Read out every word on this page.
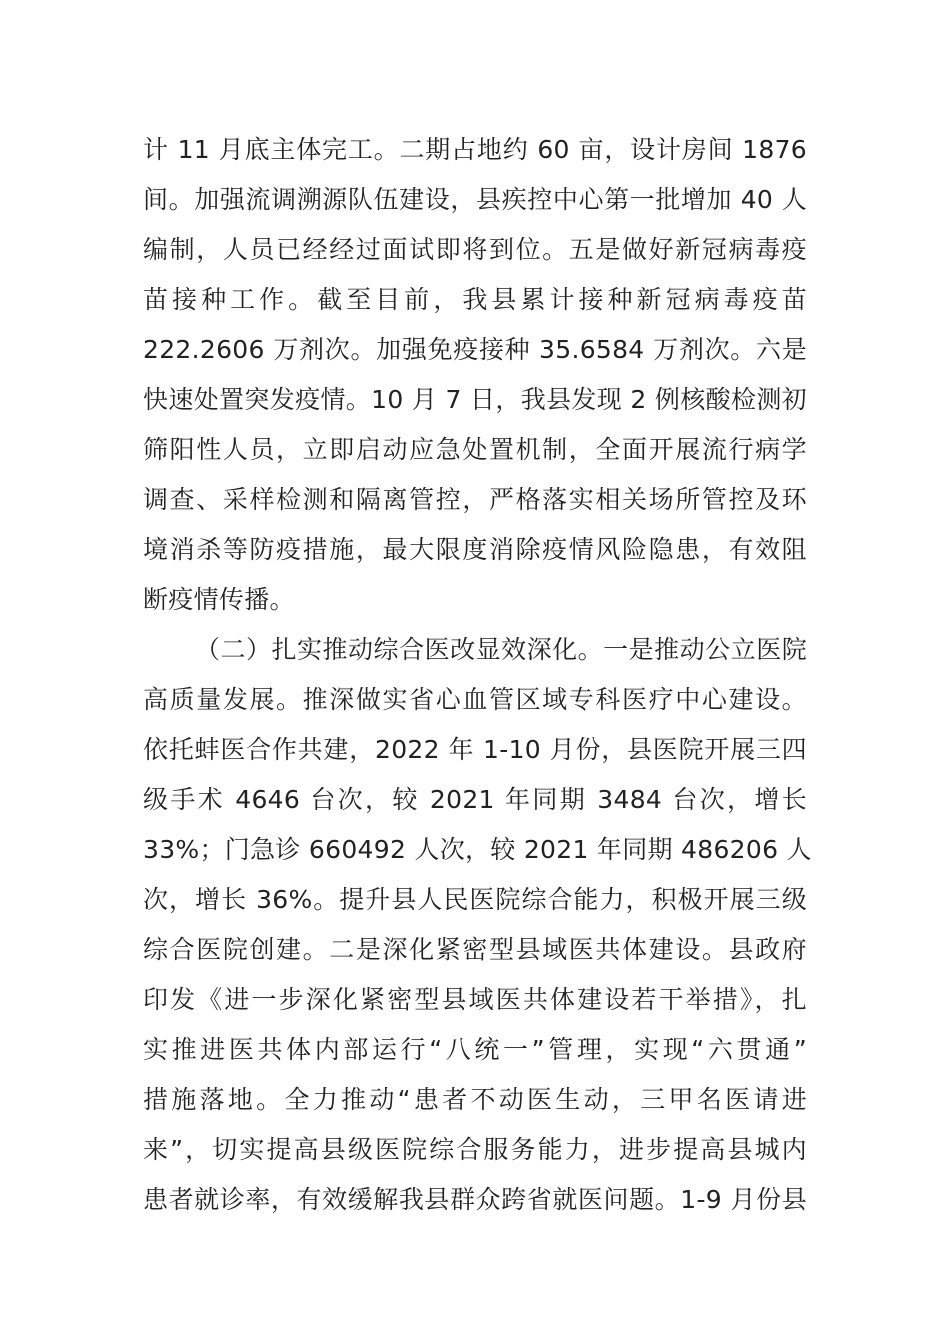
计 11 月底主体完工。二期占地约 60 亩，设计房间 1876
间。加强流调溯源队伍建设，县疾控中心第一批增加 40 人
编制，人员已经经过面试即将到位。五是做好新冠病毒疫
苗接种工作。截至目前，我县累计接种新冠病毒疫苗
222.2606 万剂次。加强免疫接种 35.6584 万剂次。六是
快速处置突发疫情。10 月 7 日，我县发现 2 例核酸检测初
筛阳性人员，立即启动应急处置机制，全面开展流行病学
调查、采样检测和隔离管控，严格落实相关场所管控及环
境消杀等防疫措施，最大限度消除疫情风险隐患，有效阻
断疫情传播。
（二）扎实推动综合医改显效深化。一是推动公立医院
高质量发展。推深做实省心血管区域专科医疗中心建设。
依托蚌医合作共建，2022 年 1-10 月份，县医院开展三四
级手术 4646 台次，较 2021 年同期 3484 台次，增长
33%；门急诊 660492 人次，较 2021 年同期 486206 人
次，增长 36%。提升县人民医院综合能力，积极开展三级
综合医院创建。二是深化紧密型县域医共体建设。县政府
印发《进一步深化紧密型县域医共体建设若干举措》，扎
实推进医共体内部运行“八统一”管理，实现“六贯通”
措施落地。全力推动“患者不动医生动，三甲名医请进
来”，切实提高县级医院综合服务能力，进步提高县城内
患者就诊率，有效缓解我县群众跨省就医问题。1-9 月份县
